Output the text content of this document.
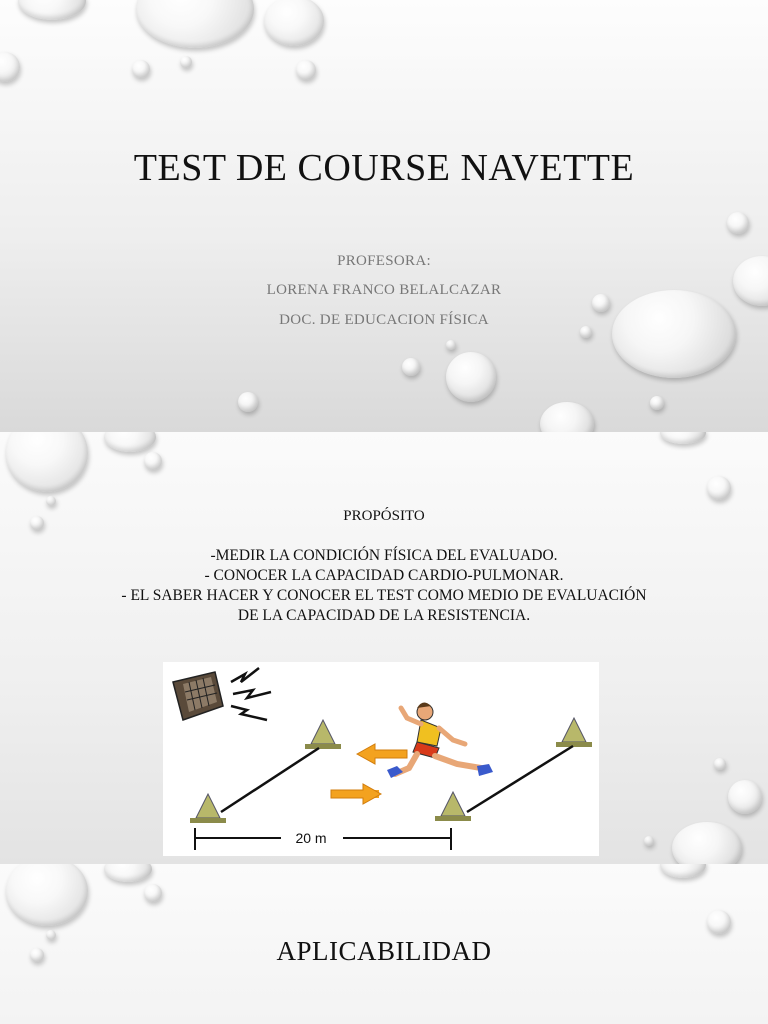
TEST DE COURSE NAVETTE
PROFESORA:
LORENA FRANCO BELALCAZAR
DOC. DE EDUCACION FÍSICA
PROPÓSITO
-MEDIR LA CONDICIÓN FÍSICA DEL EVALUADO.
- CONOCER LA CAPACIDAD CARDIO-PULMONAR.
- EL SABER HACER Y CONOCER EL TEST COMO MEDIO DE EVALUACIÓN
DE LA CAPACIDAD DE LA RESISTENCIA.
20 m
APLICABILIDAD
